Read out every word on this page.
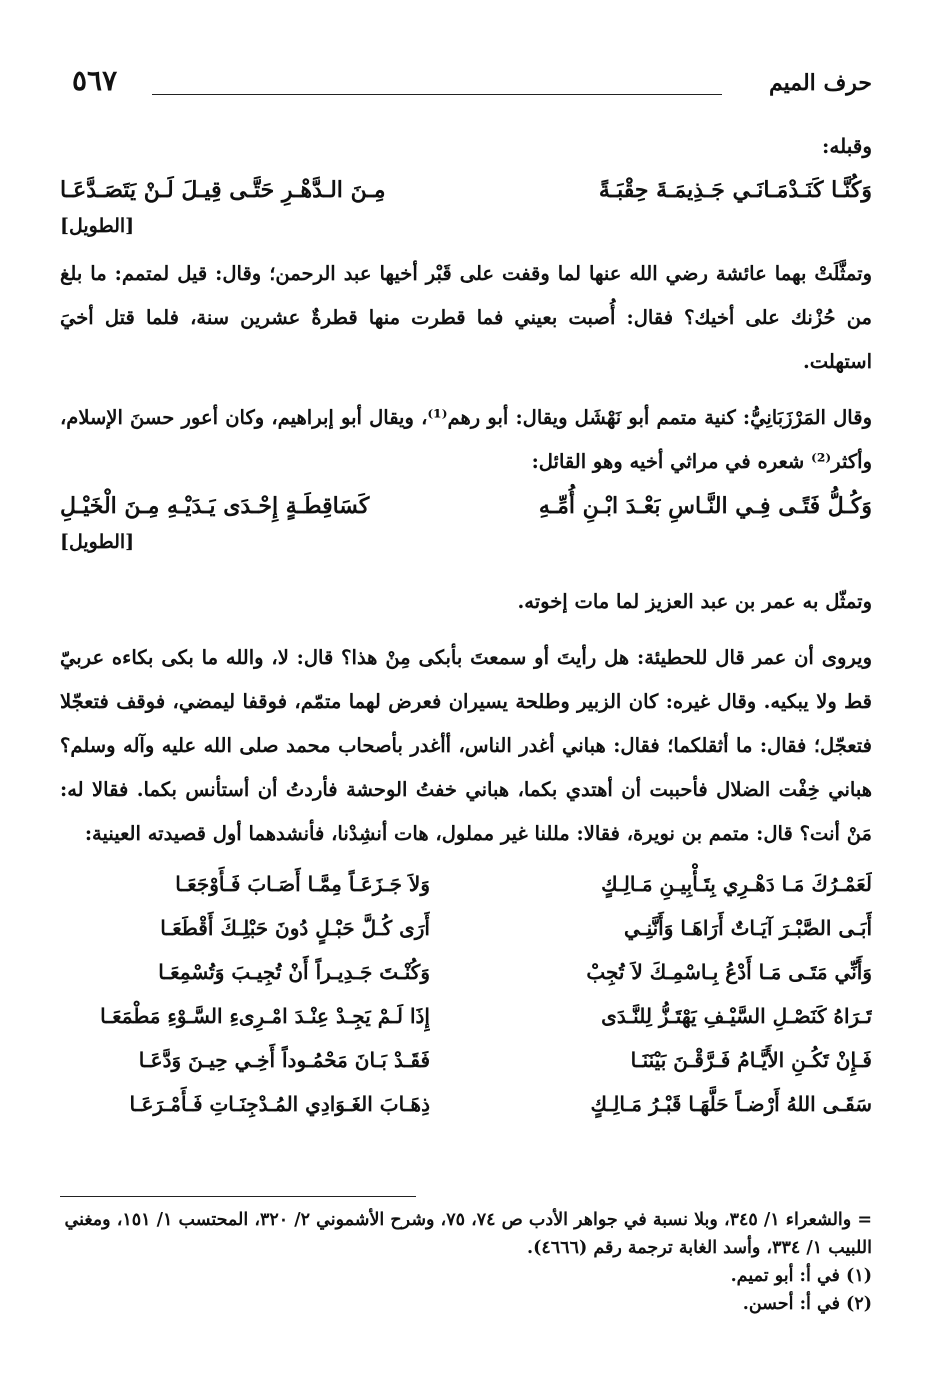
حرف الميم
٥٦٧
وقبله:
وَكُنَّـا كَنَـدْمَـانَـي جَـذِيمَـةَ حِقْبَـةً
مِـنَ الـدَّهْـرِ حَتَّـى قِيـلَ لَـنْ يَتَصَـدَّعَـا
[الطويل]

وتمثَّلَتْ بهما عائشة رضي الله عنها لما وقفت على قَبْر أخيها عبد الرحمن؛ وقال: قيل لمتمم: ما بلغ من حُزْنك على أخيك؟ فقال: أُصبت بعيني فما قطرت منها قطرةٌ عشرين سنة، فلما قتل أخيَ استهلت.

وقال المَرْزَبَانِيُّ: كنية متمم أبو نَهْشَل ويقال: أبو رهم⁽¹⁾، ويقال أبو إبراهيم، وكان أعور حسنَ الإسلام، وأكثر⁽²⁾ شعره في مراثي أخيه وهو القائل:

وَكُـلُّ فَتًـى فِـي النَّـاسِ بَعْـدَ ابْـنِ أُمِّـهِ
كَسَاقِطَـةٍ إِحْـدَى يَـدَيْـهِ مِـنَ الْخَيْـلِ
[الطويل]

وتمثّل به عمر بن عبد العزيز لما مات إخوته.

ويروى أن عمر قال للحطيئة: هل رأيتَ أو سمعتَ بأبكى مِنْ هذا؟ قال: لا، والله ما بكى بكاءه عربيّ قط ولا يبكيه. وقال غيره: كان الزبير وطلحة يسيران فعرض لهما متمّم، فوقفا ليمضي، فوقف فتعجّلا فتعجّل؛ فقال: ما أثقلكما؛ فقال: هباني أغدر الناس، أأغدر بأصحاب محمد صلى الله عليه وآله وسلم؟ هباني خِفْت الضلال فأحببت أن أهتدي بكما، هباني خفتُ الوحشة فأردتُ أن أستأنس بكما. فقالا له: مَنْ أنت؟ قال: متمم بن نويرة، فقالا: مللنا غير مملول، هات أنشِدْنا، فأنشدهما أول قصيدته العينية:

لَعَمْـرُكَ مَـا دَهْـرِي بِتَـأْبِيـنِ مَـالِـكٍ
أَبَـى الصَّبْـرَ آيَـاتٌ أَرَاهَـا وَأَنَّنِـي
وَأَنِّي مَتَـى مَـا أَدْعُ بِـاسْمِـكَ لاَ تُجِبْ
تَـرَاهُ كَنَصْـلِ السَّيْـفِ يَهْتَـزُّ لِلنَّـدَى
فَـإِنْ تَكُـنِ الأَيَّـامُ فَـرَّقْـنَ بَيْنَنَـا
سَقَـى اللهُ أَرْضـاً حَلَّهَـا قَبْـرُ مَـالِـكٍ
وَلاَ جَـزَعَـاً مِمَّـا أَصَـابَ فَـأَوْجَعَـا
أَرَى كُـلَّ حَبْـلٍ دُونَ حَبْلِـكَ أَقْطَعَـا
وَكُنْـتَ جَـدِيـراً أَنْ تُجِيـبَ وَتُسْمِعَـا
إِذَا لَـمْ يَجِـدْ عِنْـدَ امْـرِىءِ السَّـوْءِ مَطْمَعَـا
فَقَـدْ بَـانَ مَحْمُـوداً أَخِـي حِيـنَ وَدَّعَـا
ذِهَـابَ الغَـوَادِي المُـدْجِنَـاتِ فَـأَمْـرَعَـا

= والشعراء ١/ ٣٤٥، وبلا نسبة في جواهر الأدب ص ٧٤، ٧٥، وشرح الأشموني ٢/ ٣٢٠، المحتسب ١/ ١٥١، ومغني اللبيب ١/ ٣٣٤، وأسد الغابة ترجمة رقم (٤٦٦٦).

(١) في أ: أبو تميم.

(٢) في أ: أحسن.
